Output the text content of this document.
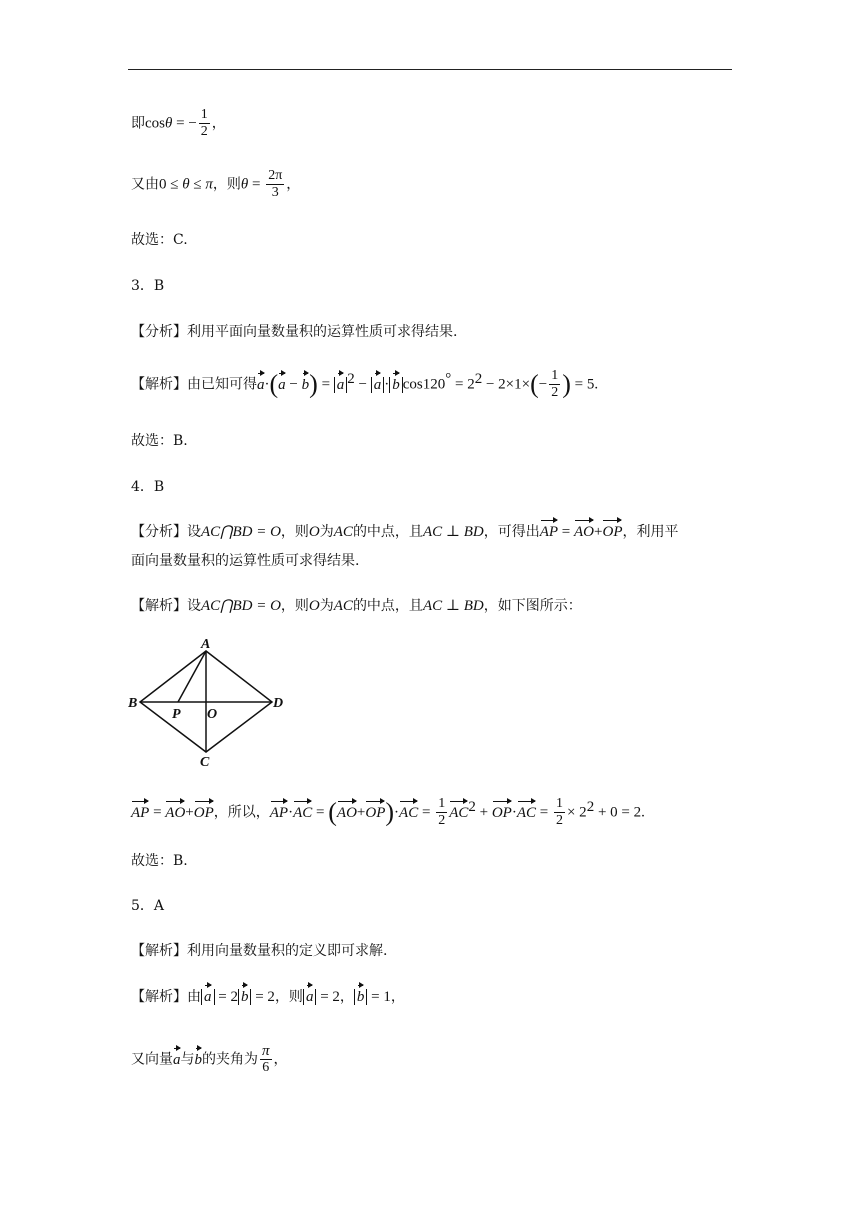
即cosθ = − $\frac{1}{2}$ ，
又由0 ≤ θ ≤ π，则$\theta = \frac{2\pi}{3}$ ，
故选：C.
3．B
【分析】利用平面向量数量积的运算性质可求得结果.
【解析】由已知可得a·(a − b) = a $^2$ − a · b $\cos 120^\circ = 2^2 - 2\times 1\times(- \frac{1}{2}$ ) = 5.
故选：B.
4．B
【分析】设AC⋂BD = O，则O为AC的中点，且AC ⊥ BD，可得出AP = AO+OP，利用平
面向量数量积的运算性质可求得结果.
【解析】设AC⋂BD = O，则O为AC的中点，且AC ⊥ BD，如下图所示：
A
B
C
D
P O
AP = AO+OP，所以，$AP\cdot AC = (AO+OP)\cdot AC = \frac{1}{2} AC^2 + OP\cdot AC = \frac{1}{2} \times 2^2 + 0 = 2$.
故选：B.
5．A
【解析】利用向量数量积的定义即可求解.
【解析】由 a = 2 b = 2，则 a = 2， b = 1，
又向量a与b的夹角为 $\frac{\pi}{6}$ ，
